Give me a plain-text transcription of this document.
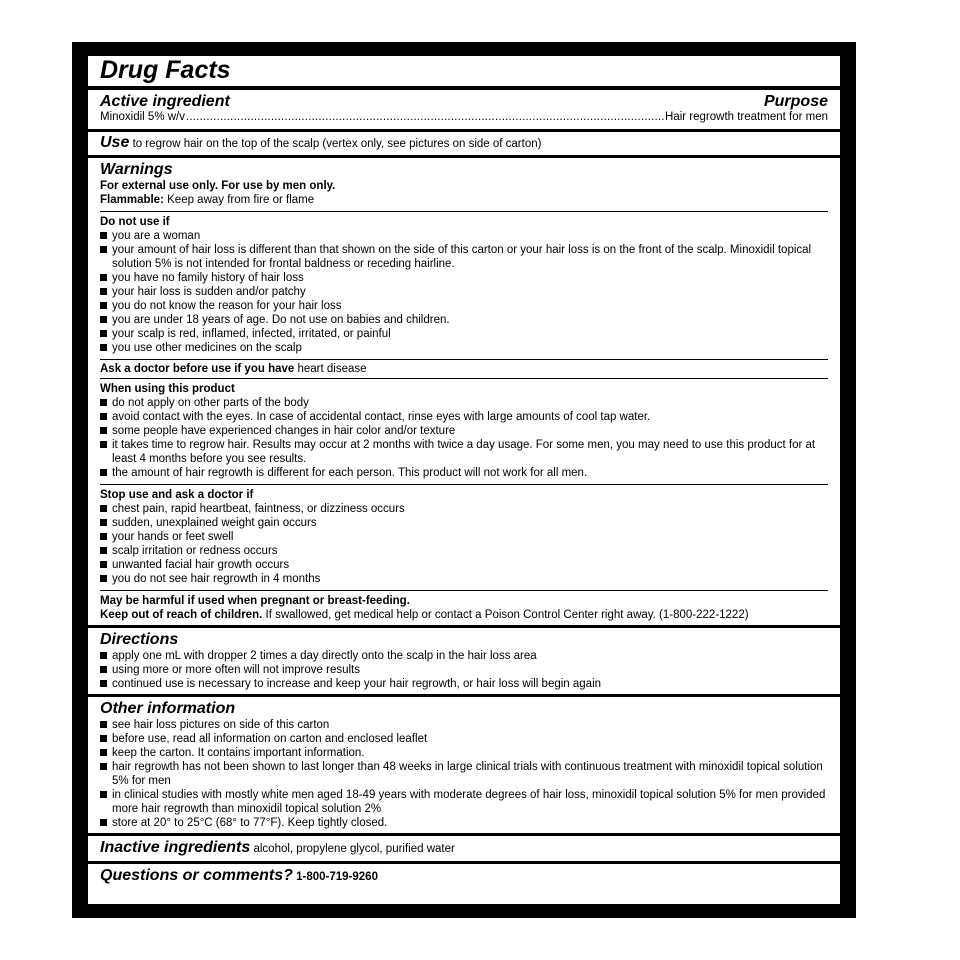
Drug Facts
Active ingredient	Purpose
Minoxidil 5% w/v
.....	Hair regrowth treatment for men
Use to regrow hair on the top of the scalp (vertex only, see pictures on side of carton)
Warnings
For external use only. For use by men only.
Flammable: Keep away from fire or flame
Do not use if
you are a woman
your amount of hair loss is different than that shown on the side of this carton or your hair loss is on the front of the scalp. Minoxidil topical solution 5% is not intended for frontal baldness or receding hairline.
you have no family history of hair loss
your hair loss is sudden and/or patchy
you do not know the reason for your hair loss
you are under 18 years of age. Do not use on babies and children.
your scalp is red, inflamed, infected, irritated, or painful
you use other medicines on the scalp
Ask a doctor before use if you have heart disease
When using this product
do not apply on other parts of the body
avoid contact with the eyes. In case of accidental contact, rinse eyes with large amounts of cool tap water.
some people have experienced changes in hair color and/or texture
it takes time to regrow hair. Results may occur at 2 months with twice a day usage. For some men, you may need to use this product for at least 4 months before you see results.
the amount of hair regrowth is different for each person. This product will not work for all men.
Stop use and ask a doctor if
chest pain, rapid heartbeat, faintness, or dizziness occurs
sudden, unexplained weight gain occurs
your hands or feet swell
scalp irritation or redness occurs
unwanted facial hair growth occurs
you do not see hair regrowth in 4 months
May be harmful if used when pregnant or breast-feeding.
Keep out of reach of children. If swallowed, get medical help or contact a Poison Control Center right away. (1-800-222-1222)
Directions
apply one mL with dropper 2 times a day directly onto the scalp in the hair loss area
using more or more often will not improve results
continued use is necessary to increase and keep your hair regrowth, or hair loss will begin again
Other information
see hair loss pictures on side of this carton
before use, read all information on carton and enclosed leaflet
keep the carton. It contains important information.
hair regrowth has not been shown to last longer than 48 weeks in large clinical trials with continuous treatment with minoxidil topical solution 5% for men
in clinical studies with mostly white men aged 18-49 years with moderate degrees of hair loss, minoxidil topical solution 5% for men provided more hair regrowth than minoxidil topical solution 2%
store at 20° to 25°C (68° to 77°F). Keep tightly closed.
Inactive ingredients alcohol, propylene glycol, purified water
Questions or comments? 1-800-719-9260
